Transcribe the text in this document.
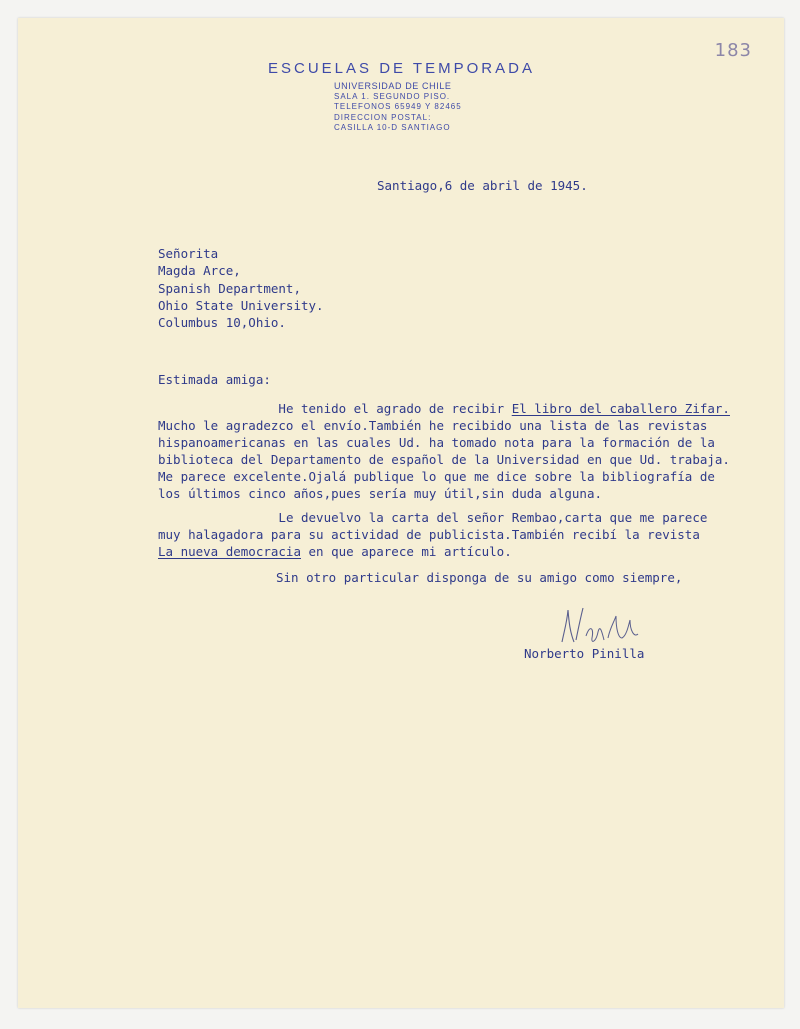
183
ESCUELAS DE TEMPORADA
UNIVERSIDAD DE CHILE
SALA 1. SEGUNDO PISO.
TELEFONOS 65949 Y 82465
DIRECCION POSTAL:
CASILLA 10-D SANTIAGO
Santiago,6 de abril de 1945.
Señorita
Magda Arce,
Spanish Department,
Ohio State University.
Columbus 10,Ohio.
Estimada amiga:
He tenido el agrado de recibir El libro del caballero Zifar.
Mucho le agradezco el envío.También he recibido una lista de las revistas
hispanoamericanas en las cuales Ud. ha tomado nota para la formación de la
biblioteca del Departamento de español de la Universidad en que Ud. trabaja.
Me parece excelente.Ojalá publique lo que me dice sobre la bibliografía de
los últimos cinco años,pues sería muy útil,sin duda alguna.
Le devuelvo la carta del señor Rembao,carta que me parece
muy halagadora para su actividad de publicista.También recibí la revista
La nueva democracia en que aparece mi artículo.
Sin otro particular disponga de su amigo como siempre,
Norberto Pinilla
